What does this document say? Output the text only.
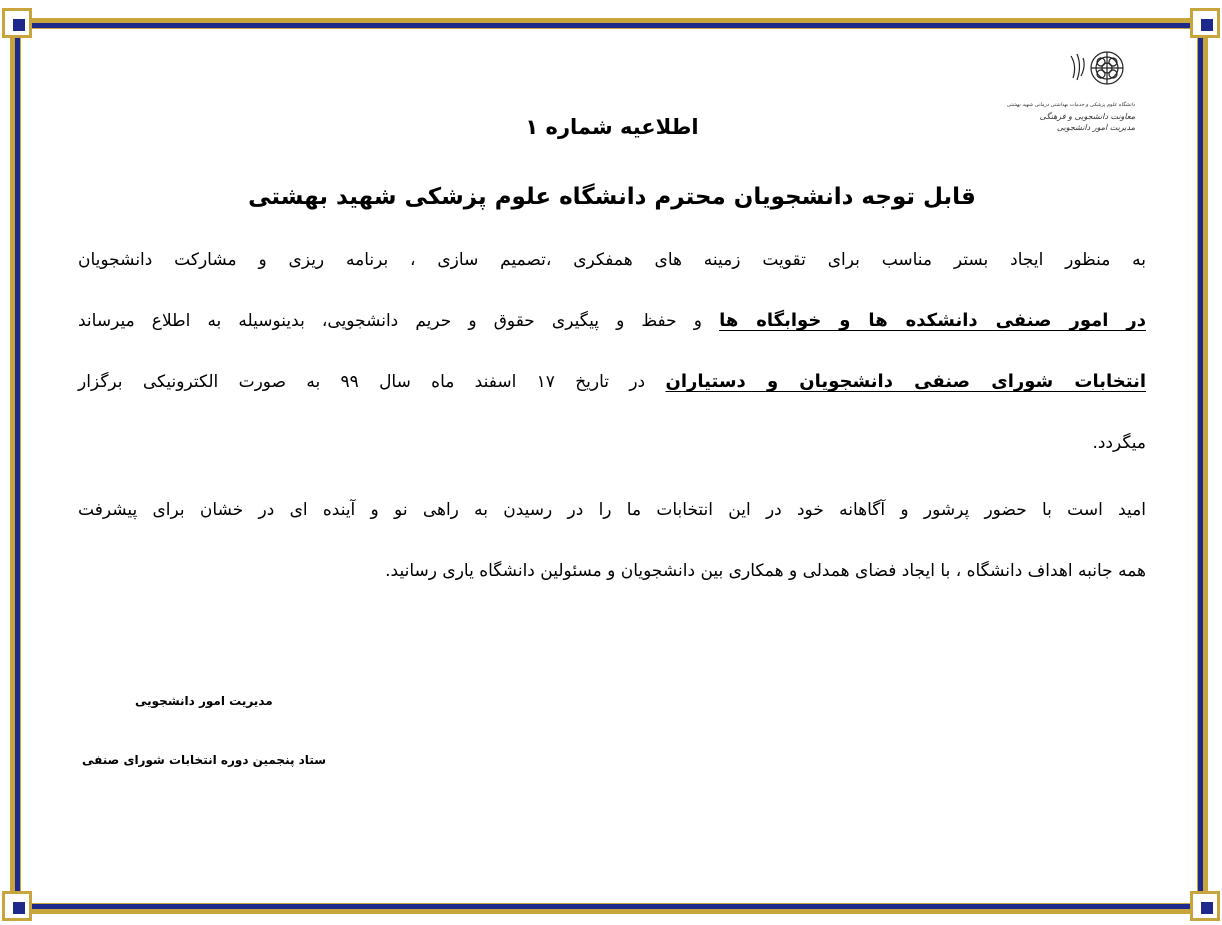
دانشگاه علوم پزشکی و خدمات بهداشتی درمانی شهید بهشتی
معاونت دانشجویی و فرهنگی
مدیریت امور دانشجویی
اطلاعیه شماره ۱
قابل توجه دانشجویان محترم دانشگاه علوم پزشکی شهید بهشتی
به منظور ایجاد بستر مناسب برای تقویت زمینه های همفکری ،تصمیم سازی ، برنامه ریزی و مشارکت دانشجویان
در امور صنفی دانشکده ها و خوابگاه ها و حفظ و پیگیری حقوق و حریم دانشجویی، بدینوسیله به اطلاع میرساند
انتخابات شورای صنفی دانشجویان و دستیاران در تاریخ ۱۷ اسفند ماه سال ۹۹ به صورت الکترونیکی برگزار
میگردد.
امید است با حضور پرشور و آگاهانه خود در این انتخابات ما را در رسیدن به راهی نو و آینده ای در خشان برای پیشرفت
همه جانبه اهداف دانشگاه ، با ایجاد فضای همدلی و همکاری بین دانشجویان و مسئولین دانشگاه یاری رسانید.
مدیریت امور دانشجویی
ستاد پنجمین دوره انتخابات شورای صنفی
